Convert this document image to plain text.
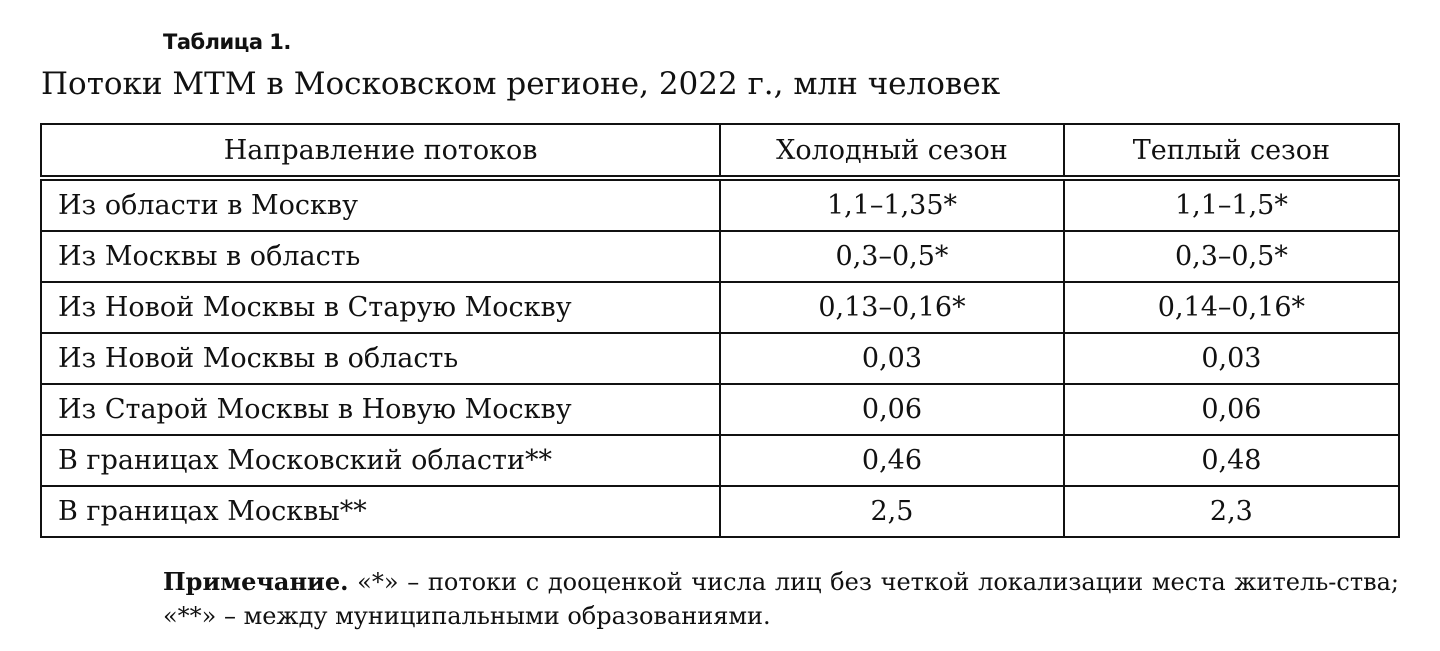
Таблица 1.
Потоки МТМ в Московском регионе, 2022 г., млн человек
Направление потоков	Холодный сезон	Теплый сезон
Из области в Москву	1,1–1,35*	1,1–1,5*
Из Москвы в область	0,3–0,5*	0,3–0,5*
Из Новой Москвы в Старую Москву	0,13–0,16*	0,14–0,16*
Из Новой Москвы в область	0,03	0,03
Из Старой Москвы в Новую Москву	0,06	0,06
В границах Московский области**	0,46	0,48
В границах Москвы**	2,5	2,3
Примечание. «*» – потоки с дооценкой числа лиц без четкой локализации места житель-ства; «**» – между муниципальными образованиями.
